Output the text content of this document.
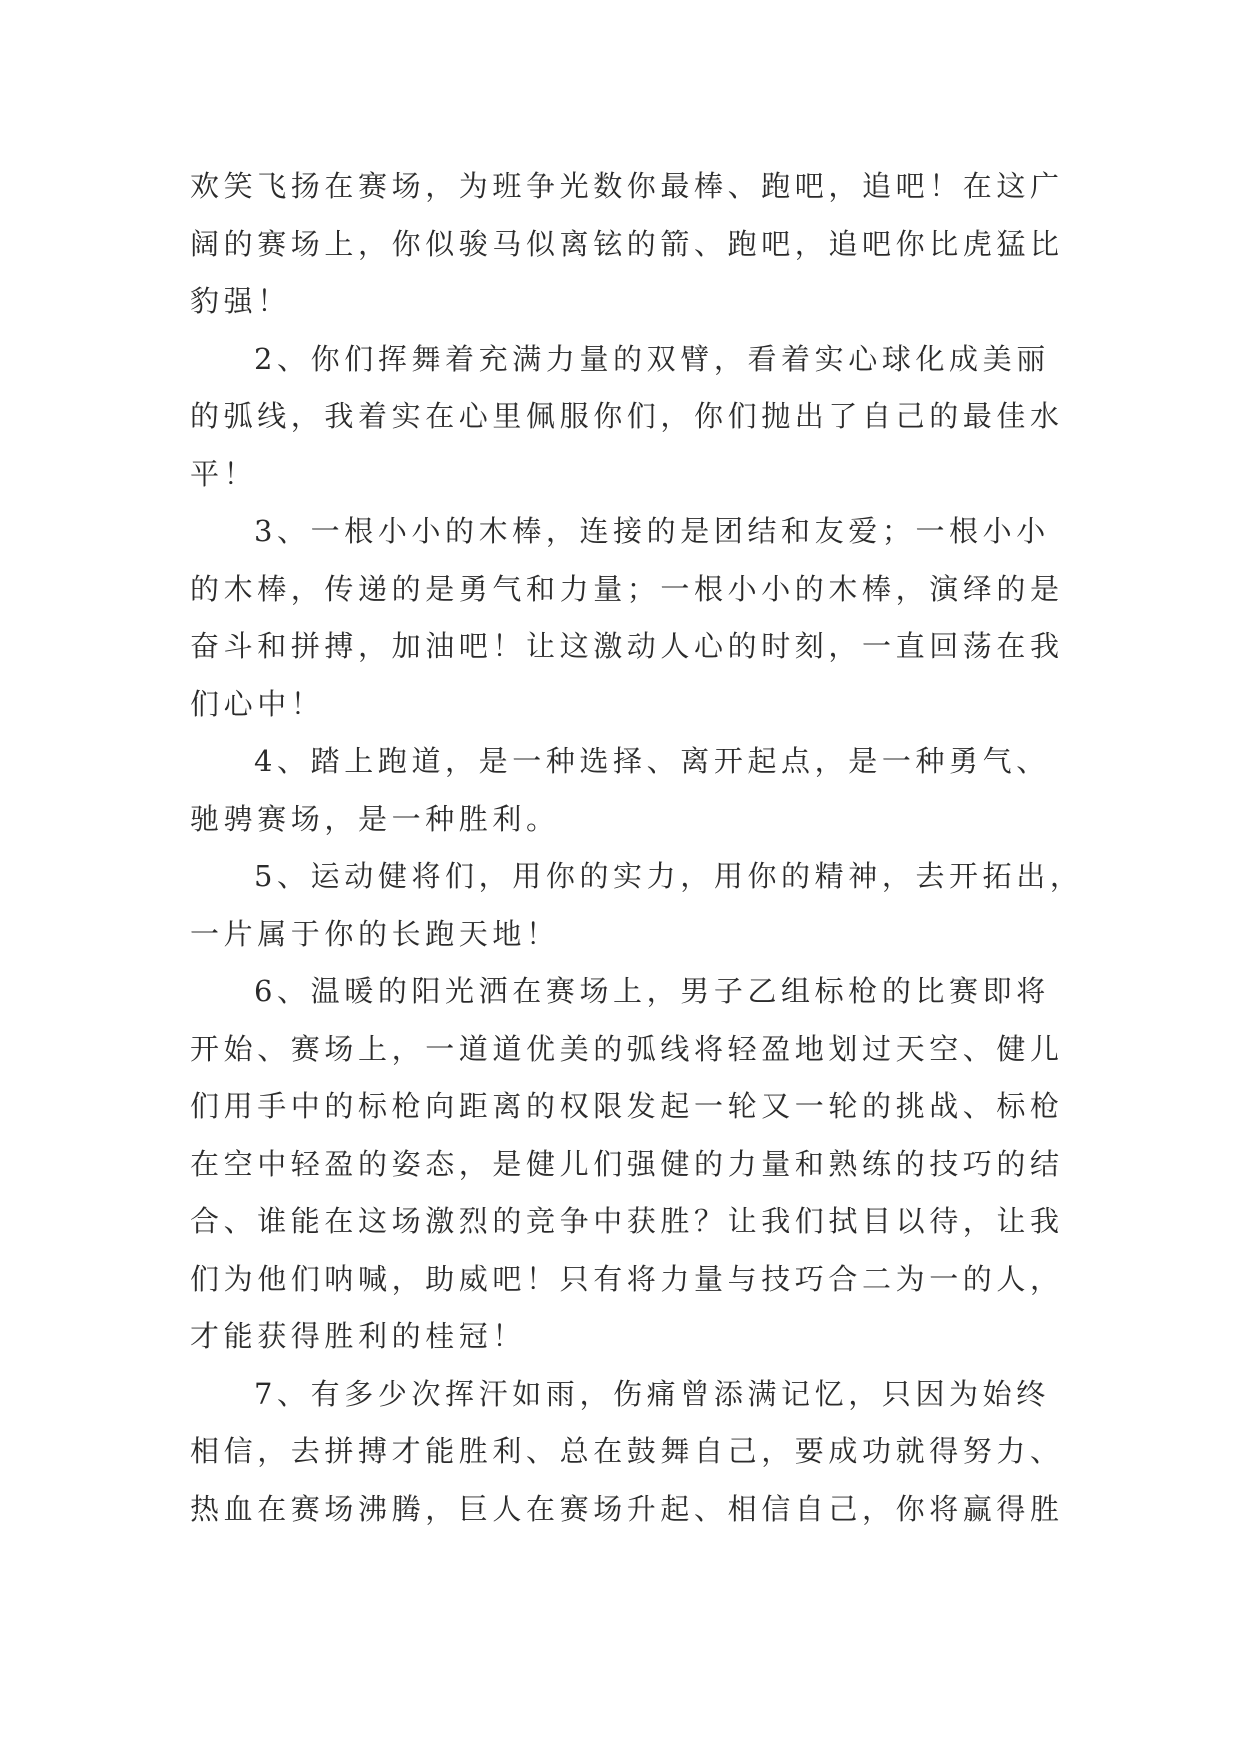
欢笑飞扬在赛场，为班争光数你最棒、跑吧，追吧！在这广
阔的赛场上，你似骏马似离铉的箭、跑吧，追吧你比虎猛比
豹强！

2、你们挥舞着充满力量的双臂，看着实心球化成美丽
的弧线，我着实在心里佩服你们，你们抛出了自己的最佳水
平！

3、一根小小的木棒，连接的是团结和友爱；一根小小
的木棒，传递的是勇气和力量；一根小小的木棒，演绎的是
奋斗和拼搏，加油吧！让这激动人心的时刻，一直回荡在我
们心中！

4、踏上跑道，是一种选择、离开起点，是一种勇气、
驰骋赛场，是一种胜利。

5、运动健将们，用你的实力，用你的精神，去开拓出，
一片属于你的长跑天地！

6、温暖的阳光洒在赛场上，男子乙组标枪的比赛即将
开始、赛场上，一道道优美的弧线将轻盈地划过天空、健儿
们用手中的标枪向距离的权限发起一轮又一轮的挑战、标枪
在空中轻盈的姿态，是健儿们强健的力量和熟练的技巧的结
合、谁能在这场激烈的竞争中获胜？让我们拭目以待，让我
们为他们呐喊，助威吧！只有将力量与技巧合二为一的人，
才能获得胜利的桂冠！

7、有多少次挥汗如雨，伤痛曾添满记忆，只因为始终
相信，去拼搏才能胜利、总在鼓舞自己，要成功就得努力、
热血在赛场沸腾，巨人在赛场升起、相信自己，你将赢得胜
